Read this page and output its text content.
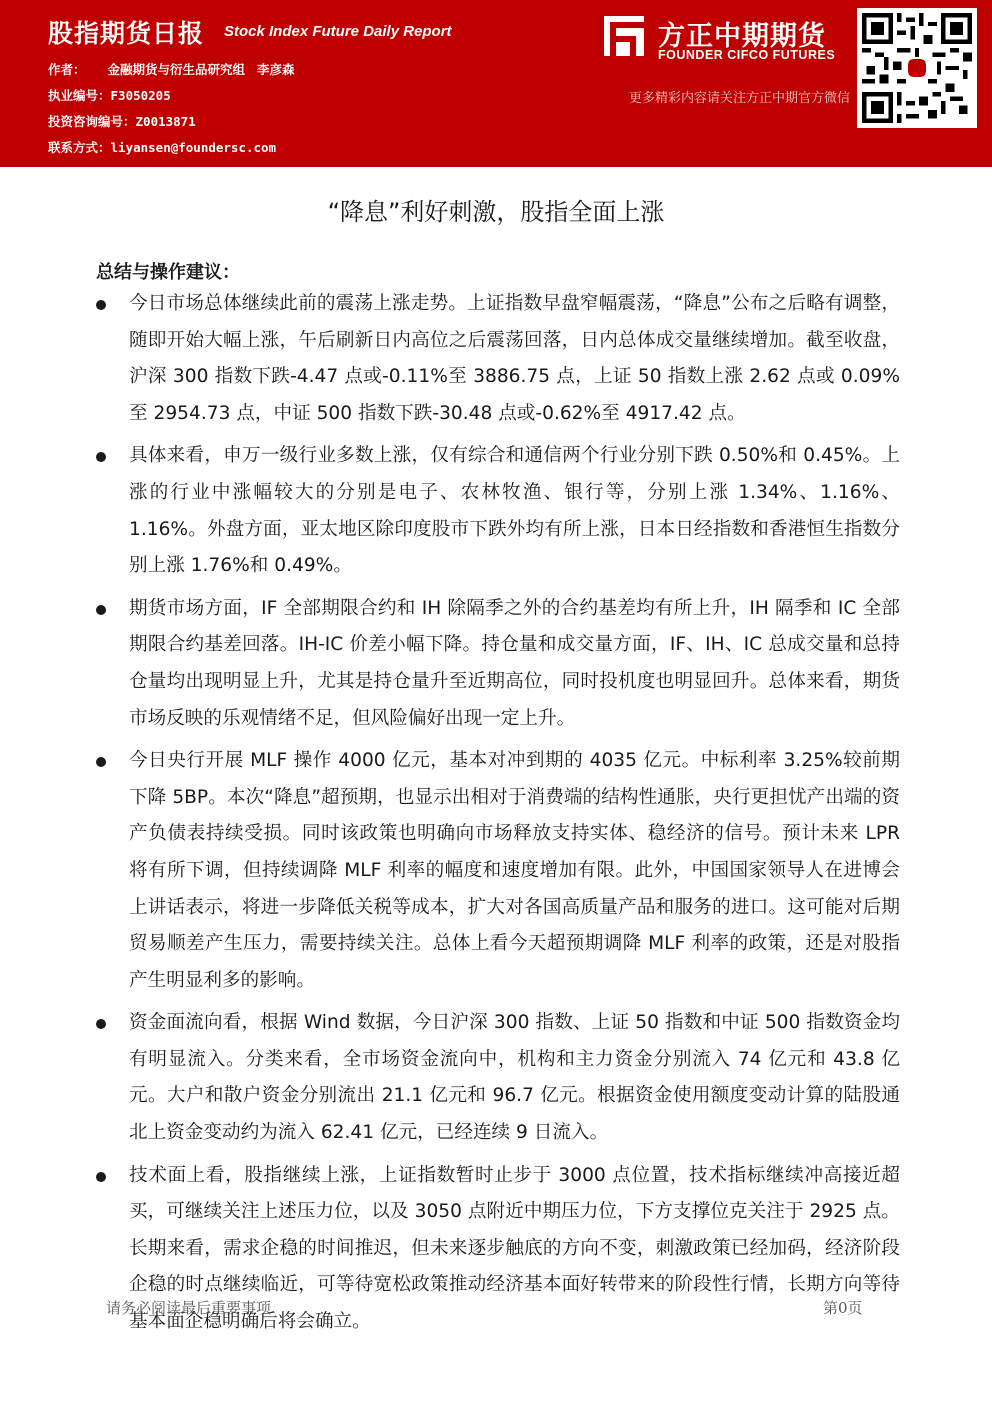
股指期货日报 Stock Index Future Daily Report
作者： 金融期货与衍生品研究组 李彦森
执业编号：F3050205
投资咨询编号：Z0013871
联系方式：liyansen@foundersc.com
方正中期期货
FOUNDER CIFCO FUTURES
更多精彩内容请关注方正中期官方微信
“降息”利好刺激，股指全面上涨
总结与操作建议：
今日市场总体继续此前的震荡上涨走势。上证指数早盘窄幅震荡，“降息”公布之后略有调整，随即开始大幅上涨，午后刷新日内高位之后震荡回落，日内总体成交量继续增加。截至收盘，沪深 300 指数下跌-4.47 点或-0.11%至 3886.75 点，上证 50 指数上涨 2.62 点或 0.09%至 2954.73 点，中证 500 指数下跌-30.48 点或-0.62%至 4917.42 点。
具体来看，申万一级行业多数上涨，仅有综合和通信两个行业分别下跌 0.50%和 0.45%。上涨的行业中涨幅较大的分别是电子、农林牧渔、银行等，分别上涨 1.34%、1.16%、1.16%。外盘方面，亚太地区除印度股市下跌外均有所上涨，日本日经指数和香港恒生指数分别上涨 1.76%和 0.49%。
期货市场方面，IF 全部期限合约和 IH 除隔季之外的合约基差均有所上升，IH 隔季和 IC 全部期限合约基差回落。IH-IC 价差小幅下降。持仓量和成交量方面，IF、IH、IC 总成交量和总持仓量均出现明显上升，尤其是持仓量升至近期高位，同时投机度也明显回升。总体来看，期货市场反映的乐观情绪不足，但风险偏好出现一定上升。
今日央行开展 MLF 操作 4000 亿元，基本对冲到期的 4035 亿元。中标利率 3.25%较前期下降 5BP。本次“降息”超预期，也显示出相对于消费端的结构性通胀，央行更担忧产出端的资产负债表持续受损。同时该政策也明确向市场释放支持实体、稳经济的信号。预计未来 LPR 将有所下调，但持续调降 MLF 利率的幅度和速度增加有限。此外，中国国家领导人在进博会上讲话表示，将进一步降低关税等成本，扩大对各国高质量产品和服务的进口。这可能对后期贸易顺差产生压力，需要持续关注。总体上看今天超预期调降 MLF 利率的政策，还是对股指产生明显利多的影响。
资金面流向看，根据 Wind 数据，今日沪深 300 指数、上证 50 指数和中证 500 指数资金均有明显流入。分类来看，全市场资金流向中，机构和主力资金分别流入 74 亿元和 43.8 亿元。大户和散户资金分别流出 21.1 亿元和 96.7 亿元。根据资金使用额度变动计算的陆股通北上资金变动约为流入 62.41 亿元，已经连续 9 日流入。
技术面上看，股指继续上涨，上证指数暂时止步于 3000 点位置，技术指标继续冲高接近超买，可继续关注上述压力位，以及 3050 点附近中期压力位，下方支撑位克关注于 2925 点。长期来看，需求企稳的时间推迟，但未来逐步触底的方向不变，刺激政策已经加码，经济阶段企稳的时点继续临近，可等待宽松政策推动经济基本面好转带来的阶段性行情，长期方向等待基本面企稳明确后将会确立。
请务必阅读最后重要事项	第0页
